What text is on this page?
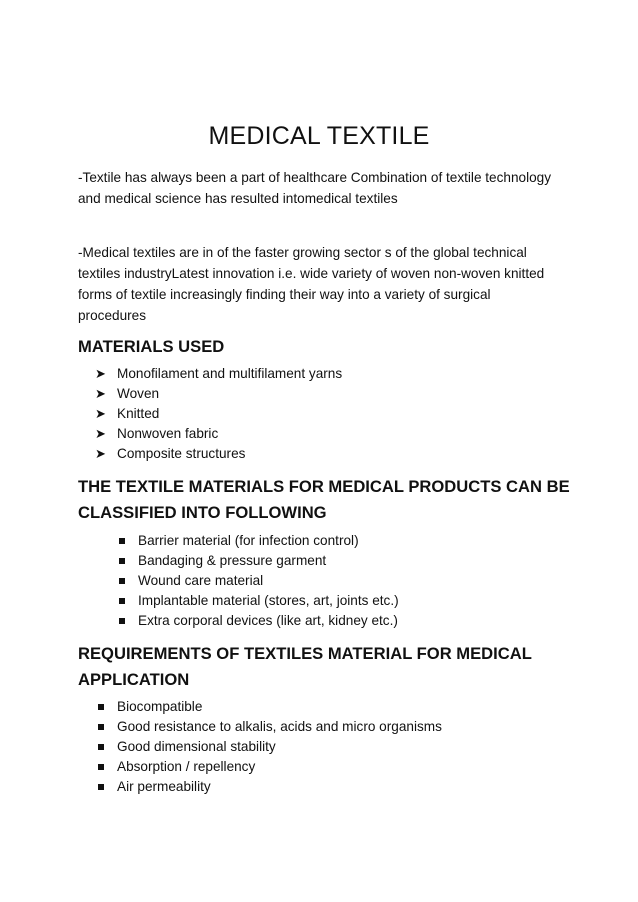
MEDICAL TEXTILE
-Textile has always been a part of healthcare Combination of textile technology
and medical science has resulted intomedical textiles
-Medical textiles are in of the faster growing sector s of the global technical
textiles industryLatest innovation i.e. wide variety of woven non-woven knitted
forms of textile increasingly finding their way into a variety of surgical
procedures
MATERIALS USED
➤ Monofilament and multifilament yarns
➤ Woven
➤ Knitted
➤ Nonwoven fabric
➤ Composite structures
THE TEXTILE MATERIALS FOR MEDICAL PRODUCTS CAN BE
CLASSIFIED INTO FOLLOWING
Barrier material (for infection control)
Bandaging & pressure garment
Wound care material
Implantable material (stores, art, joints etc.)
Extra corporal devices (like art, kidney etc.)
REQUIREMENTS OF TEXTILES MATERIAL FOR MEDICAL
APPLICATION
Biocompatible
Good resistance to alkalis, acids and micro organisms
Good dimensional stability
Absorption / repellency
Air permeability
